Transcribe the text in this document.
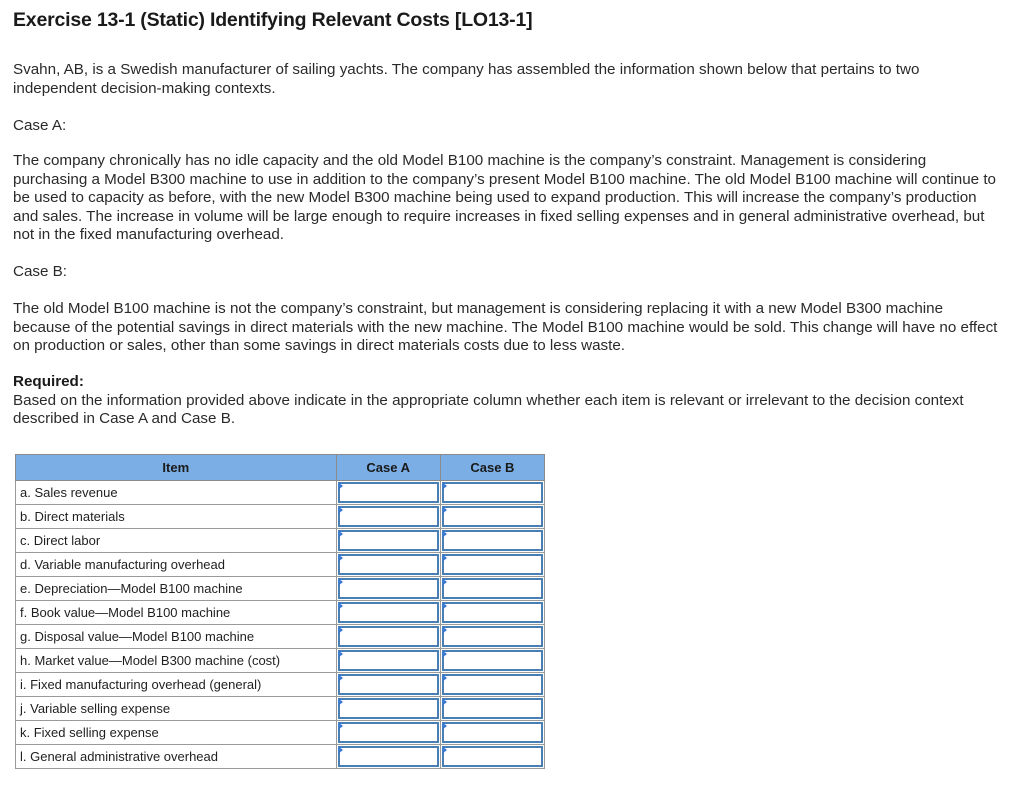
Exercise 13-1 (Static) Identifying Relevant Costs [LO13-1]

Svahn, AB, is a Swedish manufacturer of sailing yachts. The company has assembled the information shown below that pertains to two independent decision-making contexts.

Case A:

The company chronically has no idle capacity and the old Model B100 machine is the company’s constraint. Management is considering purchasing a Model B300 machine to use in addition to the company’s present Model B100 machine. The old Model B100 machine will continue to be used to capacity as before, with the new Model B300 machine being used to expand production. This will increase the company’s production and sales. The increase in volume will be large enough to require increases in fixed selling expenses and in general administrative overhead, but not in the fixed manufacturing overhead.

Case B:

The old Model B100 machine is not the company’s constraint, but management is considering replacing it with a new Model B300 machine because of the potential savings in direct materials with the new machine. The Model B100 machine would be sold. This change will have no effect on production or sales, other than some savings in direct materials costs due to less waste.

Required:
Based on the information provided above indicate in the appropriate column whether each item is relevant or irrelevant to the decision context described in Case A and Case B.

Item	Case A	Case B
a. Sales revenue	

b. Direct materials	

c. Direct labor	

d. Variable manufacturing overhead	

e. Depreciation—Model B100 machine	

f. Book value—Model B100 machine	

g. Disposal value—Model B100 machine	

h. Market value—Model B300 machine (cost)	

i. Fixed manufacturing overhead (general)	

j. Variable selling expense	

k. Fixed selling expense	

l. General administrative overhead	
